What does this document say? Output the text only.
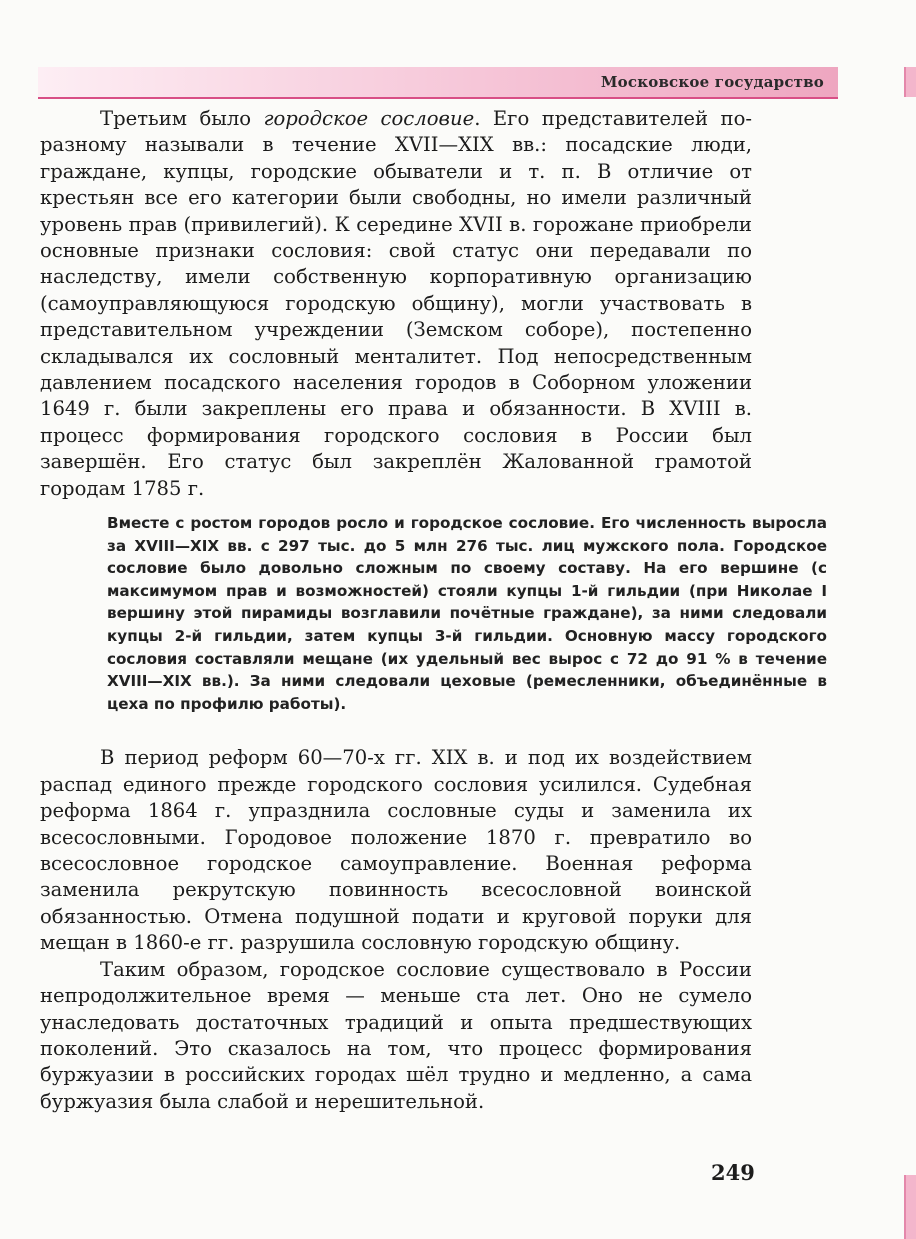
Московское государство

Третьим было городское сословие. Его представителей по-разному называли в течение XVII—XIX вв.: посадские люди, граждане, купцы, городские обыватели и т. п. В отличие от крестьян все его категории были свободны, но имели различный уровень прав (привилегий). К середине XVII в. горожане приобрели основные признаки сословия: свой статус они передавали по наследству, имели собственную корпоративную организацию (самоуправляющуюся городскую общину), могли участвовать в представительном учреждении (Земском соборе), постепенно складывался их сословный менталитет. Под непосредственным давлением посадского населения городов в Соборном уложении 1649 г. были закреплены его права и обязанности. В XVIII в. процесс формирования городского сословия в России был завершён. Его статус был закреплён Жалованной грамотой городам 1785 г.

Вместе с ростом городов росло и городское сословие. Его численность выросла за XVIII—XIX вв. с 297 тыс. до 5 млн 276 тыс. лиц мужского пола. Городское сословие было довольно сложным по своему составу. На его вершине (с максимумом прав и возможностей) стояли купцы 1-й гильдии (при Николае I вершину этой пирамиды возглавили почётные граждане), за ними следовали купцы 2-й гильдии, затем купцы 3-й гильдии. Основную массу городского сословия составляли мещане (их удельный вес вырос с 72 до 91 % в течение XVIII—XIX вв.). За ними следовали цеховые (ремесленники, объединённые в цеха по профилю работы).

В период реформ 60—70-х гг. XIX в. и под их воздействием распад единого прежде городского сословия усилился. Судебная реформа 1864 г. упразднила сословные суды и заменила их всесословными. Городовое положение 1870 г. превратило во всесословное городское самоуправление. Военная реформа заменила рекрутскую повинность всесословной воинской обязанностью. Отмена подушной подати и круговой поруки для мещан в 1860-е гг. разрушила сословную городскую общину.

Таким образом, городское сословие существовало в России непродолжительное время — меньше ста лет. Оно не сумело унаследовать достаточных традиций и опыта предшествующих поколений. Это сказалось на том, что процесс формирования буржуазии в российских городах шёл трудно и медленно, а сама буржуазия была слабой и нерешительной.

249
